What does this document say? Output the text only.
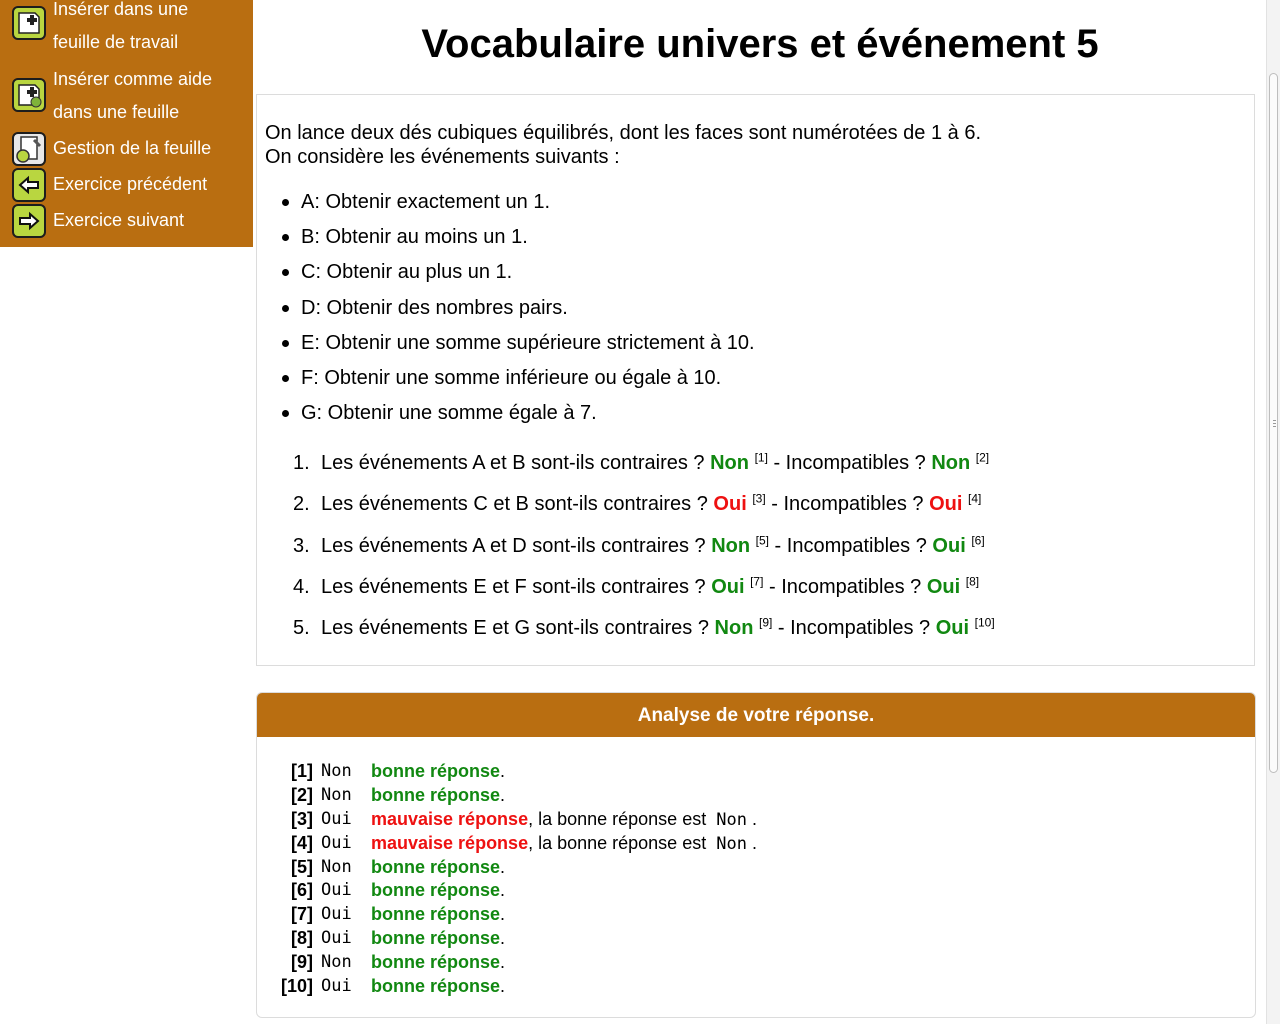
Insérer dans une
feuille de travail
Insérer comme aide
dans une feuille
Gestion de la feuille
Exercice précédent
Exercice suivant
Vocabulaire univers et événement 5
On lance deux dés cubiques équilibrés, dont les faces sont numérotées de 1 à 6.
On considère les événements suivants :
A: Obtenir exactement un 1.
B: Obtenir au moins un 1.
C: Obtenir au plus un 1.
D: Obtenir des nombres pairs.
E: Obtenir une somme supérieure strictement à 10.
F: Obtenir une somme inférieure ou égale à 10.
G: Obtenir une somme égale à 7.
1. Les événements A et B sont-ils contraires ? Non [1] - Incompatibles ? Non [2]
2. Les événements C et B sont-ils contraires ? Oui [3] - Incompatibles ? Oui [4]
3. Les événements A et D sont-ils contraires ? Non [5] - Incompatibles ? Oui [6]
4. Les événements E et F sont-ils contraires ? Oui [7] - Incompatibles ? Oui [8]
5. Les événements E et G sont-ils contraires ? Non [9] - Incompatibles ? Oui [10]
Analyse de votre réponse.
[1] Non bonne réponse.
[2] Non bonne réponse.
[3] Oui mauvaise réponse, la bonne réponse est Non .
[4] Oui mauvaise réponse, la bonne réponse est Non .
[5] Non bonne réponse.
[6] Oui bonne réponse.
[7] Oui bonne réponse.
[8] Oui bonne réponse.
[9] Non bonne réponse.
[10] Oui bonne réponse.
